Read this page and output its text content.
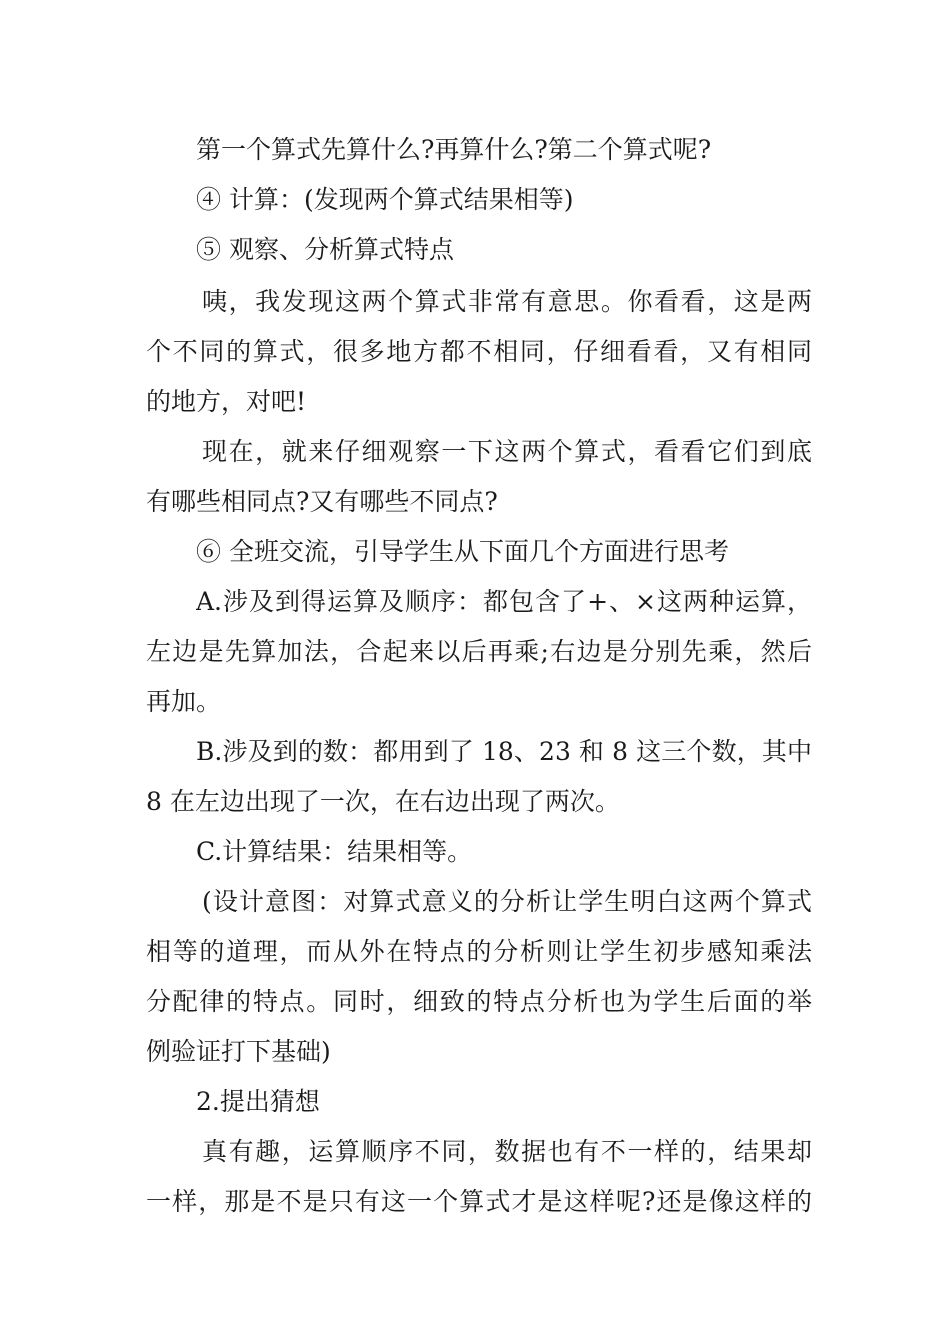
第一个算式先算什么?再算什么?第二个算式呢?
④ 计算：(发现两个算式结果相等)
⑤ 观察、分析算式特点
咦，我发现这两个算式非常有意思。你看看，这是两
个不同的算式，很多地方都不相同，仔细看看，又有相同
的地方，对吧!
现在，就来仔细观察一下这两个算式，看看它们到底
有哪些相同点?又有哪些不同点?
⑥ 全班交流，引导学生从下面几个方面进行思考
A.涉及到得运算及顺序：都包含了+、×这两种运算，
左边是先算加法，合起来以后再乘;右边是分别先乘，然后
再加。
B.涉及到的数：都用到了 18、23 和 8 这三个数，其中
8 在左边出现了一次，在右边出现了两次。
C.计算结果：结果相等。
(设计意图：对算式意义的分析让学生明白这两个算式
相等的道理，而从外在特点的分析则让学生初步感知乘法
分配律的特点。同时，细致的特点分析也为学生后面的举
例验证打下基础)
2.提出猜想
真有趣，运算顺序不同，数据也有不一样的，结果却
一样，那是不是只有这一个算式才是这样呢?还是像这样的
